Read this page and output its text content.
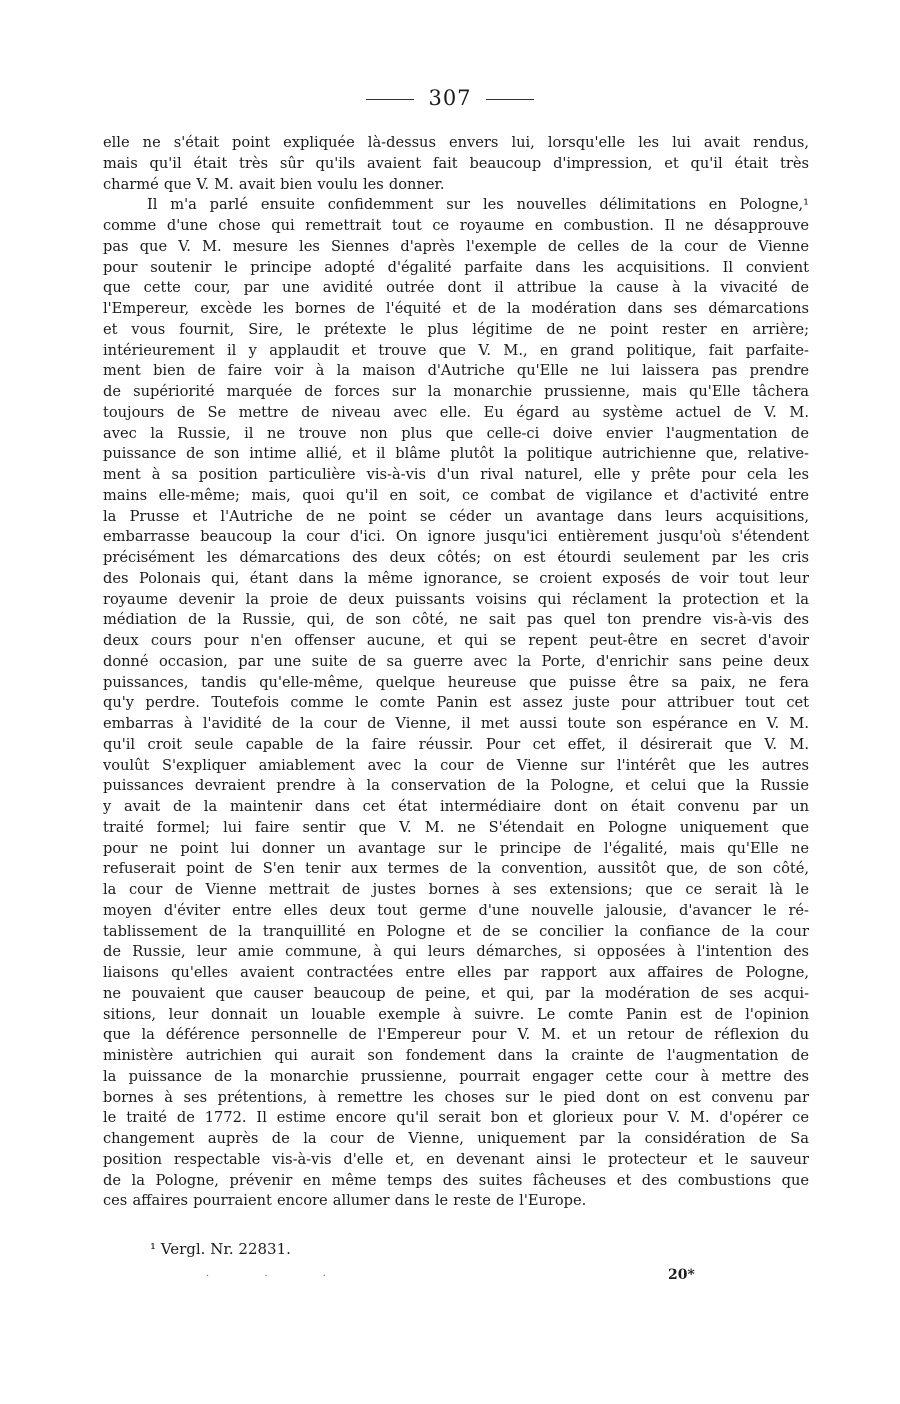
307
elle ne s'était point expliquée là-dessus envers lui, lorsqu'elle les lui avait rendus,
mais qu'il était très sûr qu'ils avaient fait beaucoup d'impression, et qu'il était très
charmé que V. M. avait bien voulu les donner.
Il m'a parlé ensuite confidemment sur les nouvelles délimitations en Pologne,¹
comme d'une chose qui remettrait tout ce royaume en combustion. Il ne désapprouve
pas que V. M. mesure les Siennes d'après l'exemple de celles de la cour de Vienne
pour soutenir le principe adopté d'égalité parfaite dans les acquisitions. Il convient
que cette cour, par une avidité outrée dont il attribue la cause à la vivacité de
l'Empereur, excède les bornes de l'équité et de la modération dans ses démarcations
et vous fournit, Sire, le prétexte le plus légitime de ne point rester en arrière;
intérieurement il y applaudit et trouve que V. M., en grand politique, fait parfaite-
ment bien de faire voir à la maison d'Autriche qu'Elle ne lui laissera pas prendre
de supériorité marquée de forces sur la monarchie prussienne, mais qu'Elle tâchera
toujours de Se mettre de niveau avec elle. Eu égard au système actuel de V. M.
avec la Russie, il ne trouve non plus que celle-ci doive envier l'augmentation de
puissance de son intime allié, et il blâme plutôt la politique autrichienne que, relative-
ment à sa position particulière vis-à-vis d'un rival naturel, elle y prête pour cela les
mains elle-même; mais, quoi qu'il en soit, ce combat de vigilance et d'activité entre
la Prusse et l'Autriche de ne point se céder un avantage dans leurs acquisitions,
embarrasse beaucoup la cour d'ici. On ignore jusqu'ici entièrement jusqu'où s'étendent
précisément les démarcations des deux côtés; on est étourdi seulement par les cris
des Polonais qui, étant dans la même ignorance, se croient exposés de voir tout leur
royaume devenir la proie de deux puissants voisins qui réclament la protection et la
médiation de la Russie, qui, de son côté, ne sait pas quel ton prendre vis-à-vis des
deux cours pour n'en offenser aucune, et qui se repent peut-être en secret d'avoir
donné occasion, par une suite de sa guerre avec la Porte, d'enrichir sans peine deux
puissances, tandis qu'elle-même, quelque heureuse que puisse être sa paix, ne fera
qu'y perdre. Toutefois comme le comte Panin est assez juste pour attribuer tout cet
embarras à l'avidité de la cour de Vienne, il met aussi toute son espérance en V. M.
qu'il croit seule capable de la faire réussir. Pour cet effet, il désirerait que V. M.
voulût S'expliquer amiablement avec la cour de Vienne sur l'intérêt que les autres
puissances devraient prendre à la conservation de la Pologne, et celui que la Russie
y avait de la maintenir dans cet état intermédiaire dont on était convenu par un
traité formel; lui faire sentir que V. M. ne S'étendait en Pologne uniquement que
pour ne point lui donner un avantage sur le principe de l'égalité, mais qu'Elle ne
refuserait point de S'en tenir aux termes de la convention, aussitôt que, de son côté,
la cour de Vienne mettrait de justes bornes à ses extensions; que ce serait là le
moyen d'éviter entre elles deux tout germe d'une nouvelle jalousie, d'avancer le ré-
tablissement de la tranquillité en Pologne et de se concilier la confiance de la cour
de Russie, leur amie commune, à qui leurs démarches, si opposées à l'intention des
liaisons qu'elles avaient contractées entre elles par rapport aux affaires de Pologne,
ne pouvaient que causer beaucoup de peine, et qui, par la modération de ses acqui-
sitions, leur donnait un louable exemple à suivre. Le comte Panin est de l'opinion
que la déférence personnelle de l'Empereur pour V. M. et un retour de réflexion du
ministère autrichien qui aurait son fondement dans la crainte de l'augmentation de
la puissance de la monarchie prussienne, pourrait engager cette cour à mettre des
bornes à ses prétentions, à remettre les choses sur le pied dont on est convenu par
le traité de 1772. Il estime encore qu'il serait bon et glorieux pour V. M. d'opérer ce
changement auprès de la cour de Vienne, uniquement par la considération de Sa
position respectable vis-à-vis d'elle et, en devenant ainsi le protecteur et le sauveur
de la Pologne, prévenir en même temps des suites fâcheuses et des combustions que
ces affaires pourraient encore allumer dans le reste de l'Europe.
¹ Vergl. Nr. 22831.
· · ·	20*
